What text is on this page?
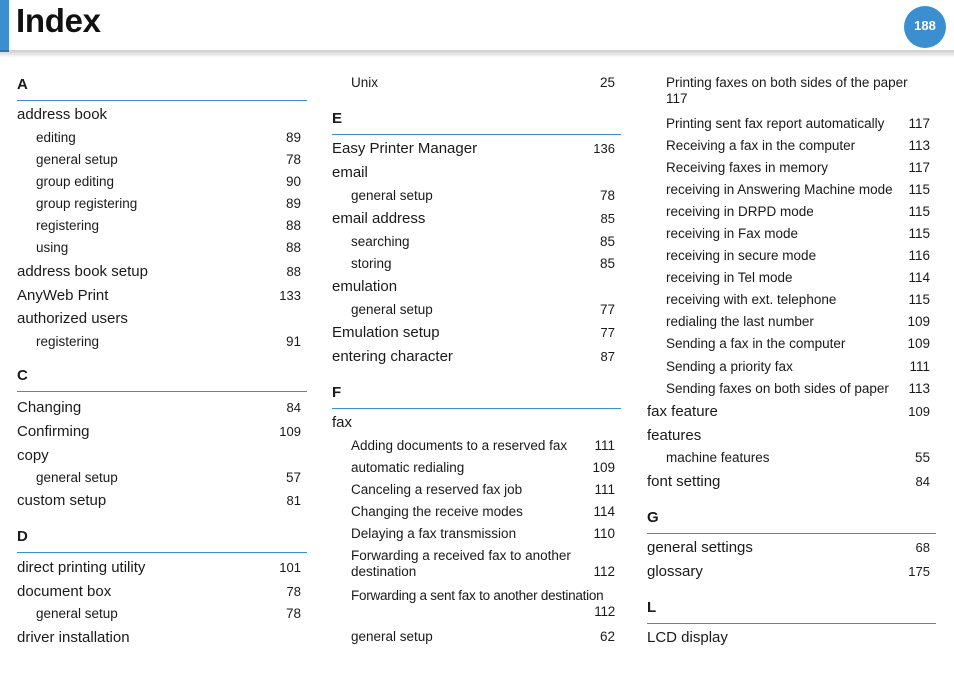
Index	188
A
address book
editing	89
general setup	78
group editing	90
group registering	89
registering	88
using	88
address book setup	88
AnyWeb Print	133
authorized users
registering	91
C
Changing	84
Confirming	109
copy
general setup	57
custom setup	81
D
direct printing utility	101
document box	78
general setup	78
driver installation
Unix	25
E
Easy Printer Manager	136
email
general setup	78
email address	85
searching	85
storing	85
emulation
general setup	77
Emulation setup	77
entering character	87
F
fax
Adding documents to a reserved fax	111
automatic redialing	109
Canceling a reserved fax job	111
Changing the receive modes	114
Delaying a fax transmission	110
Forwarding a received fax to another
destination	112
Forwarding a sent fax to another destination
112
general setup	62
Printing faxes on both sides of the paper
117
Printing sent fax report automatically	117
Receiving a fax in the computer	113
Receiving faxes in memory	117
receiving in Answering Machine mode	115
receiving in DRPD mode	115
receiving in Fax mode	115
receiving in secure mode	116
receiving in Tel mode	114
receiving with ext. telephone	115
redialing the last number	109
Sending a fax in the computer	109
Sending a priority fax	111
Sending faxes on both sides of paper	113
fax feature	109
features
machine features	55
font setting	84
G
general settings	68
glossary	175
L
LCD display
